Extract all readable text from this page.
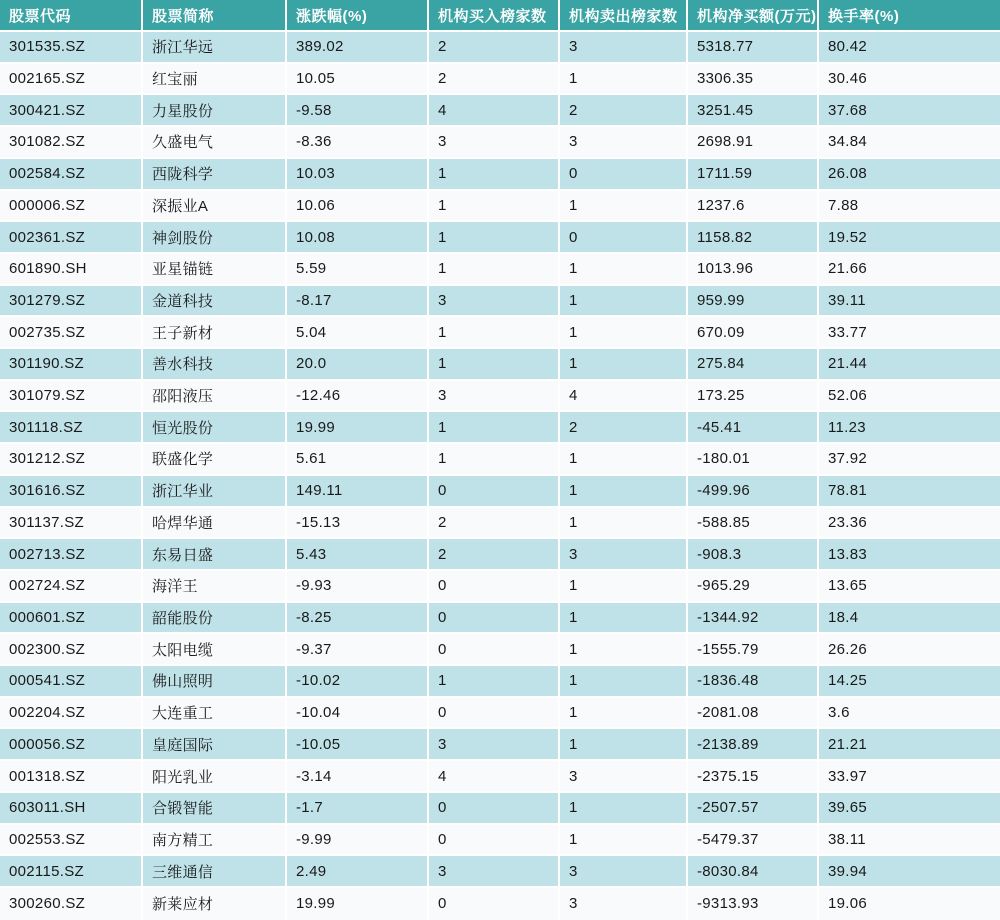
股票代码	股票简称	涨跌幅(%)	机构买入榜家数	机构卖出榜家数	机构净买额(万元)	换手率(%)
301535.SZ	浙江华远	389.02	2	3	5318.77	80.42
002165.SZ	红宝丽	10.05	2	1	3306.35	30.46
300421.SZ	力星股份	-9.58	4	2	3251.45	37.68
301082.SZ	久盛电气	-8.36	3	3	2698.91	34.84
002584.SZ	西陇科学	10.03	1	0	1711.59	26.08
000006.SZ	深振业A	10.06	1	1	1237.6	7.88
002361.SZ	神剑股份	10.08	1	0	1158.82	19.52
601890.SH	亚星锚链	5.59	1	1	1013.96	21.66
301279.SZ	金道科技	-8.17	3	1	959.99	39.11
002735.SZ	王子新材	5.04	1	1	670.09	33.77
301190.SZ	善水科技	20.0	1	1	275.84	21.44
301079.SZ	邵阳液压	-12.46	3	4	173.25	52.06
301118.SZ	恒光股份	19.99	1	2	-45.41	11.23
301212.SZ	联盛化学	5.61	1	1	-180.01	37.92
301616.SZ	浙江华业	149.11	0	1	-499.96	78.81
301137.SZ	哈焊华通	-15.13	2	1	-588.85	23.36
002713.SZ	东易日盛	5.43	2	3	-908.3	13.83
002724.SZ	海洋王	-9.93	0	1	-965.29	13.65
000601.SZ	韶能股份	-8.25	0	1	-1344.92	18.4
002300.SZ	太阳电缆	-9.37	0	1	-1555.79	26.26
000541.SZ	佛山照明	-10.02	1	1	-1836.48	14.25
002204.SZ	大连重工	-10.04	0	1	-2081.08	3.6
000056.SZ	皇庭国际	-10.05	3	1	-2138.89	21.21
001318.SZ	阳光乳业	-3.14	4	3	-2375.15	33.97
603011.SH	合锻智能	-1.7	0	1	-2507.57	39.65
002553.SZ	南方精工	-9.99	0	1	-5479.37	38.11
002115.SZ	三维通信	2.49	3	3	-8030.84	39.94
300260.SZ	新莱应材	19.99	0	3	-9313.93	19.06
